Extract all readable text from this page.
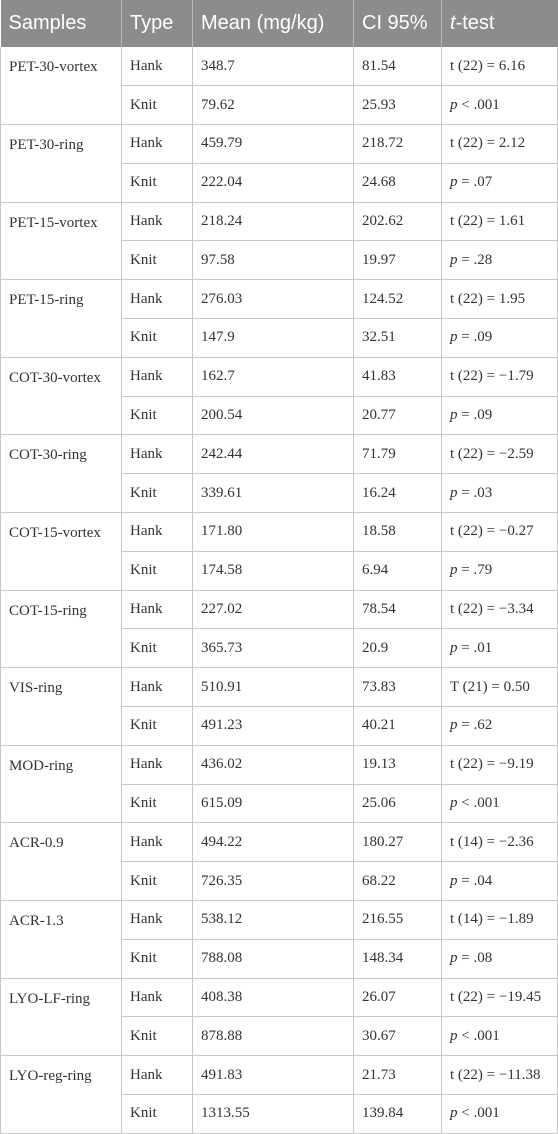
Samples	Type	Mean (mg/kg)	CI 95%	t-test
PET-30-vortex	Hank	348.7	81.54	t (22) = 6.16
	Knit	79.62	25.93	p < .001
PET-30-ring	Hank	459.79	218.72	t (22) = 2.12
	Knit	222.04	24.68	p = .07
PET-15-vortex	Hank	218.24	202.62	t (22) = 1.61
	Knit	97.58	19.97	p = .28
PET-15-ring	Hank	276.03	124.52	t (22) = 1.95
	Knit	147.9	32.51	p = .09
COT-30-vortex	Hank	162.7	41.83	t (22) = −1.79
	Knit	200.54	20.77	p = .09
COT-30-ring	Hank	242.44	71.79	t (22) = −2.59
	Knit	339.61	16.24	p = .03
COT-15-vortex	Hank	171.80	18.58	t (22) = −0.27
	Knit	174.58	6.94	p = .79
COT-15-ring	Hank	227.02	78.54	t (22) = −3.34
	Knit	365.73	20.9	p = .01
VIS-ring	Hank	510.91	73.83	T (21) = 0.50
	Knit	491.23	40.21	p = .62
MOD-ring	Hank	436.02	19.13	t (22) = −9.19
	Knit	615.09	25.06	p < .001
ACR-0.9	Hank	494.22	180.27	t (14) = −2.36
	Knit	726.35	68.22	p = .04
ACR-1.3	Hank	538.12	216.55	t (14) = −1.89
	Knit	788.08	148.34	p = .08
LYO-LF-ring	Hank	408.38	26.07	t (22) = −19.45
	Knit	878.88	30.67	p < .001
LYO-reg-ring	Hank	491.83	21.73	t (22) = −11.38
	Knit	1313.55	139.84	p < .001
